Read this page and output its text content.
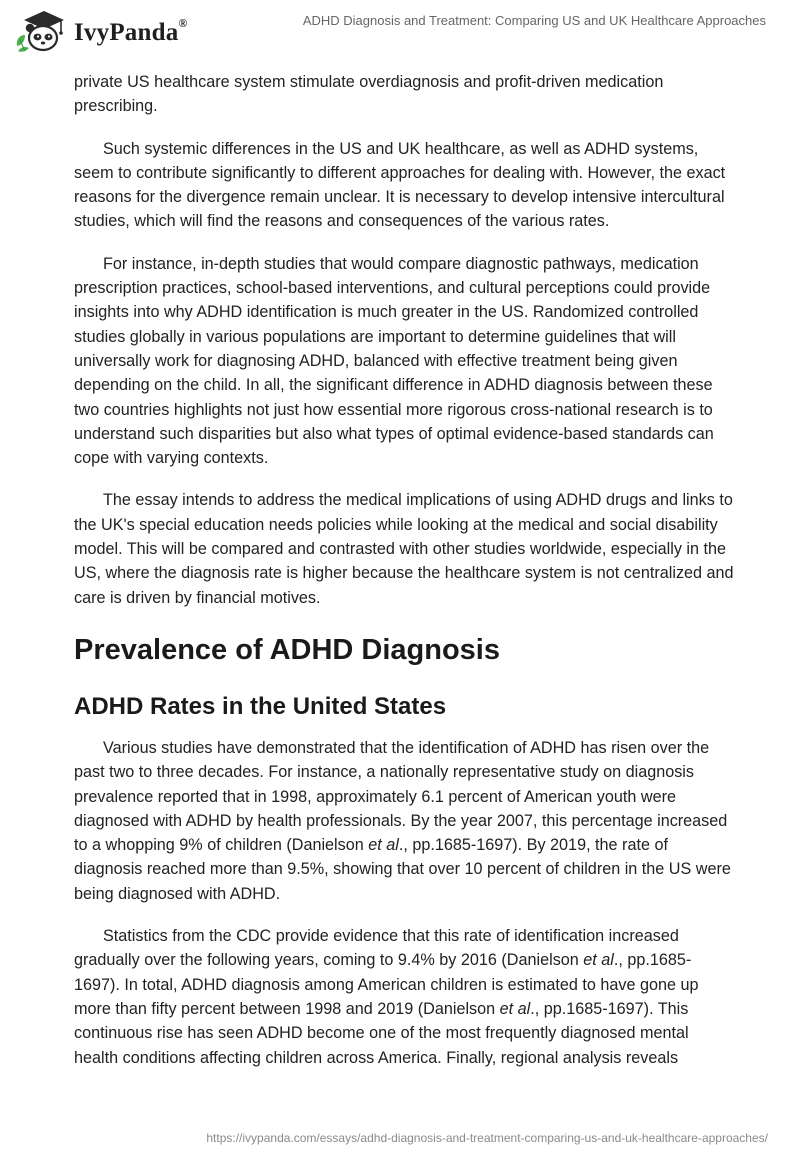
IvyPanda®	ADHD Diagnosis and Treatment: Comparing US and UK Healthcare Approaches

private US healthcare system stimulate overdiagnosis and profit-driven medication prescribing.

Such systemic differences in the US and UK healthcare, as well as ADHD systems, seem to contribute significantly to different approaches for dealing with. However, the exact reasons for the divergence remain unclear. It is necessary to develop intensive intercultural studies, which will find the reasons and consequences of the various rates.

For instance, in-depth studies that would compare diagnostic pathways, medication prescription practices, school-based interventions, and cultural perceptions could provide insights into why ADHD identification is much greater in the US. Randomized controlled studies globally in various populations are important to determine guidelines that will universally work for diagnosing ADHD, balanced with effective treatment being given depending on the child. In all, the significant difference in ADHD diagnosis between these two countries highlights not just how essential more rigorous cross-national research is to understand such disparities but also what types of optimal evidence-based standards can cope with varying contexts.

The essay intends to address the medical implications of using ADHD drugs and links to the UK's special education needs policies while looking at the medical and social disability model. This will be compared and contrasted with other studies worldwide, especially in the US, where the diagnosis rate is higher because the healthcare system is not centralized and care is driven by financial motives.

Prevalence of ADHD Diagnosis
ADHD Rates in the United States

Various studies have demonstrated that the identification of ADHD has risen over the past two to three decades. For instance, a nationally representative study on diagnosis prevalence reported that in 1998, approximately 6.1 percent of American youth were diagnosed with ADHD by health professionals. By the year 2007, this percentage increased to a whopping 9% of children (Danielson et al., pp.1685-1697). By 2019, the rate of diagnosis reached more than 9.5%, showing that over 10 percent of children in the US were being diagnosed with ADHD.

Statistics from the CDC provide evidence that this rate of identification increased gradually over the following years, coming to 9.4% by 2016 (Danielson et al., pp.1685-1697). In total, ADHD diagnosis among American children is estimated to have gone up more than fifty percent between 1998 and 2019 (Danielson et al., pp.1685-1697). This continuous rise has seen ADHD become one of the most frequently diagnosed mental health conditions affecting children across America. Finally, regional analysis reveals

https://ivypanda.com/essays/adhd-diagnosis-and-treatment-comparing-us-and-uk-healthcare-approaches/
